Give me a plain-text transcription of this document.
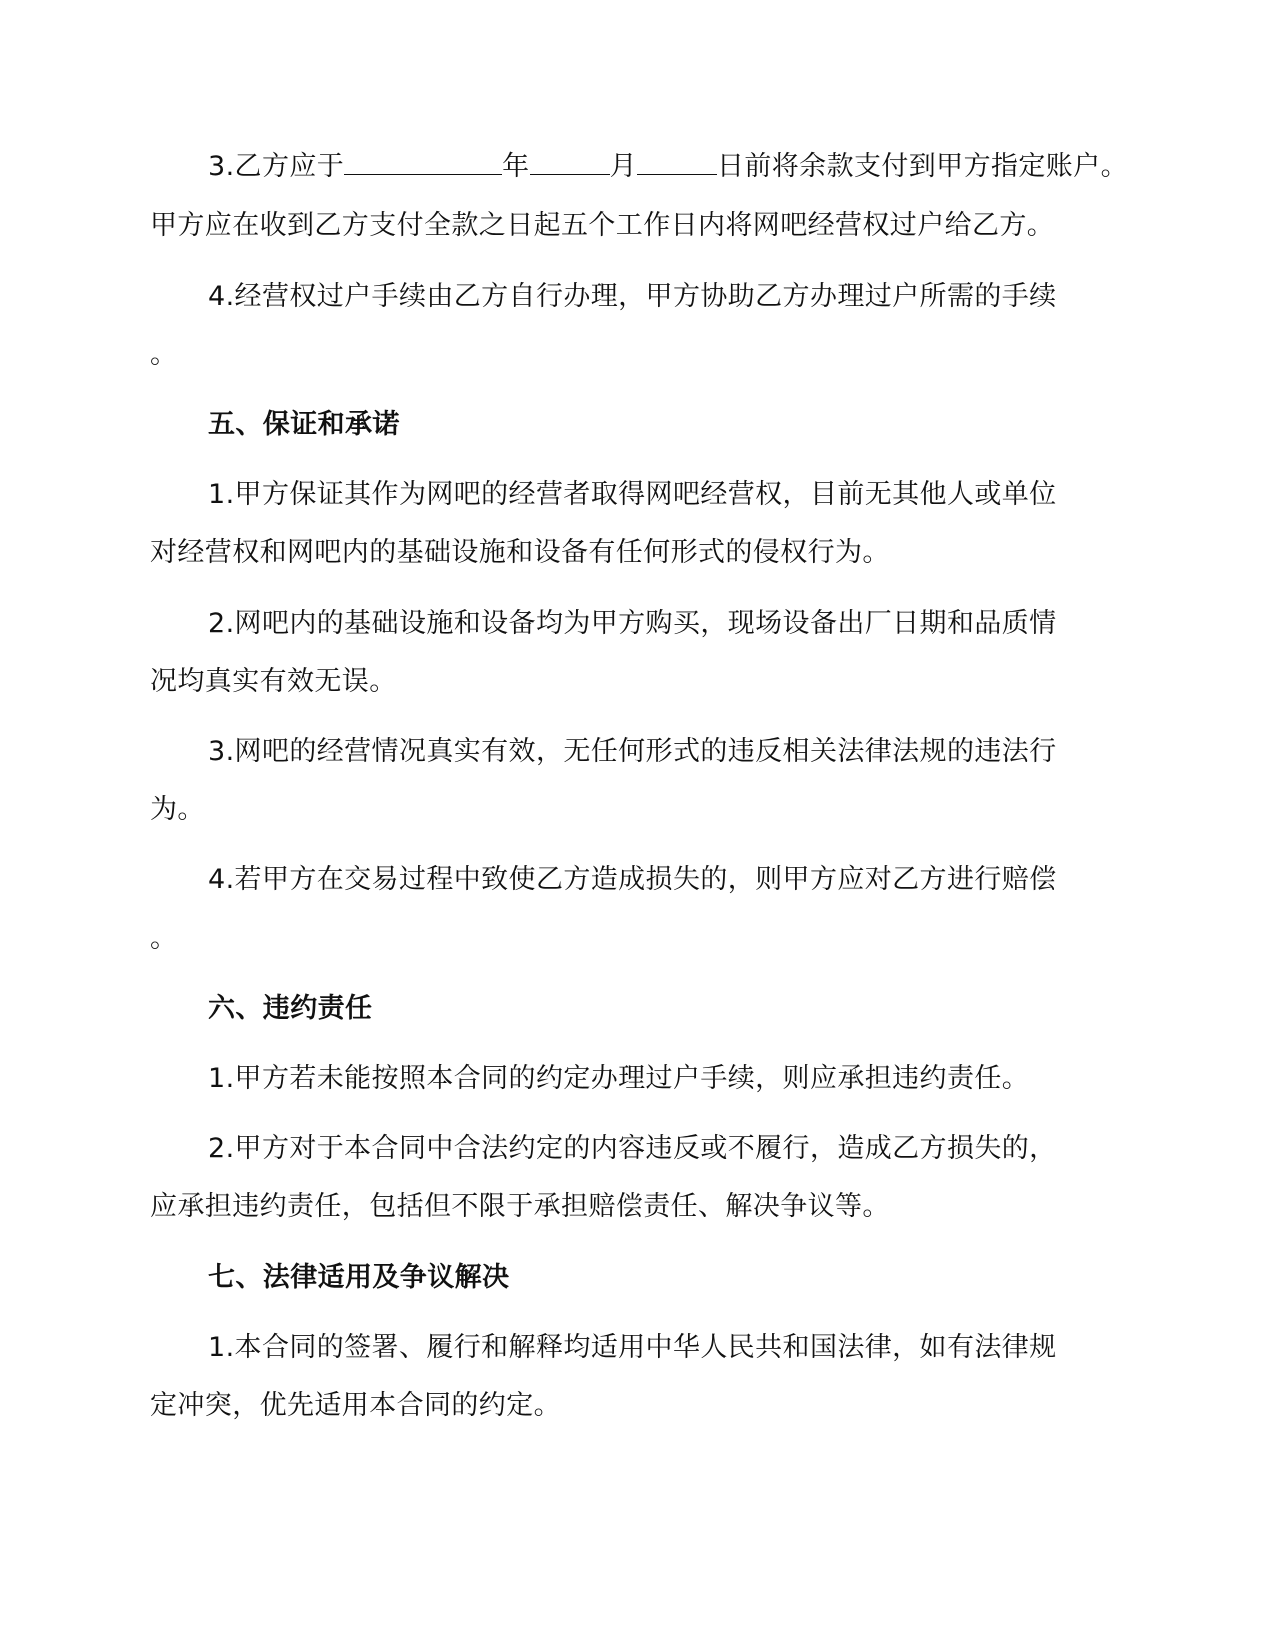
3.乙方应于	年	月	日前将余款支付到甲方指定账户。
甲方应在收到乙方支付全款之日起五个工作日内将网吧经营权过户给乙方。
4.经营权过户手续由乙方自行办理，甲方协助乙方办理过户所需的手续
。
五、保证和承诺
1.甲方保证其作为网吧的经营者取得网吧经营权，目前无其他人或单位
对经营权和网吧内的基础设施和设备有任何形式的侵权行为。
2.网吧内的基础设施和设备均为甲方购买，现场设备出厂日期和品质情
况均真实有效无误。
3.网吧的经营情况真实有效，无任何形式的违反相关法律法规的违法行
为。
4.若甲方在交易过程中致使乙方造成损失的，则甲方应对乙方进行赔偿
。
六、违约责任
1.甲方若未能按照本合同的约定办理过户手续，则应承担违约责任。
2.甲方对于本合同中合法约定的内容违反或不履行，造成乙方损失的，
应承担违约责任，包括但不限于承担赔偿责任、解决争议等。
七、法律适用及争议解决
1.本合同的签署、履行和解释均适用中华人民共和国法律，如有法律规
定冲突，优先适用本合同的约定。
